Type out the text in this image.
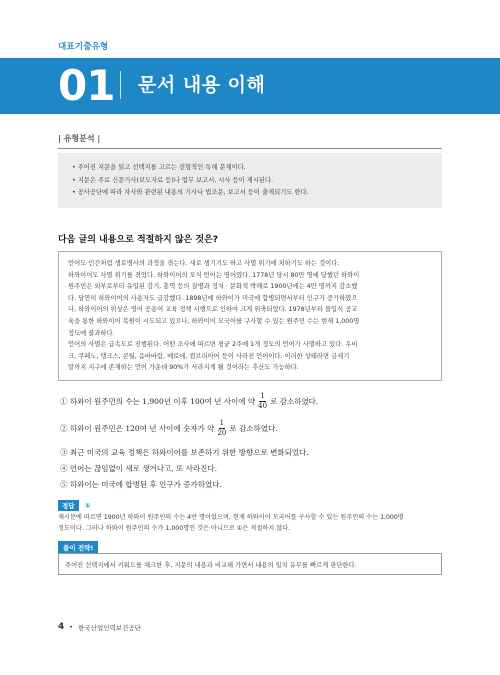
대표기출유형
01 문서 내용 이해
| 유형분석 |
• 주어진 지문을 읽고 선택지를 고르는 전형적인 독해 문제이다.
• 지문은 주로 신문기사(보도자료 등)나 업무 보고서, 시사 등이 제시된다.
• 공사공단에 따라 자사와 관련된 내용의 기사나 법조문, 보고서 등이 출제되기도 한다.
다음 글의 내용으로 적절하지 않은 것은?
언어도 인간처럼 생로병사의 과정을 겪는다. 새로 생기기도 하고 사멸 위기에 처하기도 하는 것이다.
하와이어도 사멸 위기를 겪었다. 하와이어의 모식 언어는 영어였다. 1778년 당시 80만 명에 달했던 하와이
원주민은 외부로부터 유입된 감기, 홍역 등의 질병과 정치 · 문화적 박해로 1900년에는 4만 명까지 감소했
다. 당연히 하와이어의 사용자도 급감했다. 1898년에 하와이가 미국에 합병되면서부터 인구가 증가하였으
나, 하와이어의 위상은 영어 공용어 교육 정책 시행으로 인하여 크게 위축되었다. 1978년부터 몰입식 공교
육을 통한 하와이어 복원이 시도되고 있으나, 하와이어 모국어를 구사할 수 있는 원주민 수는 현재 1,000명
정도에 불과하다.
언어의 사멸은 급속도로 진행된다. 어떤 조사에 따르면 평균 2주에 1개 정도의 언어가 사멸하고 있다. 우비
크, 쿠페노, 탱크스, 콘월, 음바바람, 메로에, 컴브리아어 등이 사라진 언어이다. 이러한 상태라면 금세기
말까지 지구에 존재하는 언어 가운데 90%가 사라지게 될 것이라는 추산도 가능하다.
① 하와이 원주민의 수는 1,900년 이후 100여 년 사이에 약 $\frac{1}{40}$ 로 감소하였다.
② 하와이 원주민은 120여 년 사이에 숫자가 약 $\frac{1}{20}$ 로 감소하였다.
③ 최근 미국의 교육 정책은 하와이어를 보존하기 위한 방향으로 변화되었다.
④ 언어는 끊임없이 새로 생겨나고, 또 사라진다.
⑤ 하와이는 미국에 합병된 후 인구가 증가하였다.
정답	①
제시문에 따르면 1900년 하와이 원주민의 수는 4만 명이었으며, 현재 하와이어 모국어를 구사할 수 있는 원주민의 수는 1,000명
정도이다. 그러나 하와이 원주민의 수가 1,000명인 것은 아니므로 ①은 적절하지 않다.
풀이 전략!
주어진 선택지에서 키워드를 체크한 후, 지문의 내용과 비교해 가면서 내용의 일치 유무를 빠르게 판단한다.
4 • 한국산업인력보건공단
